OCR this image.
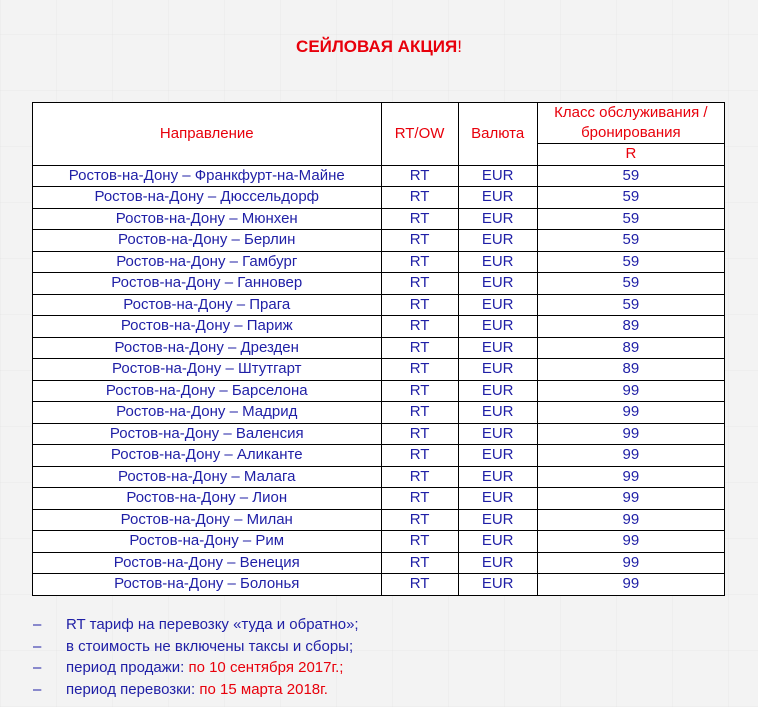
СЕЙЛОВАЯ АКЦИЯ!
Направление	RT/OW	Валюта	Класс обслуживания / бронирования
			R
Ростов-на-Дону – Франкфурт-на-Майне	RT	EUR	59
Ростов-на-Дону – Дюссельдорф	RT	EUR	59
Ростов-на-Дону – Мюнхен	RT	EUR	59
Ростов-на-Дону – Берлин	RT	EUR	59
Ростов-на-Дону – Гамбург	RT	EUR	59
Ростов-на-Дону – Ганновер	RT	EUR	59
Ростов-на-Дону – Прага	RT	EUR	59
Ростов-на-Дону – Париж	RT	EUR	89
Ростов-на-Дону – Дрезден	RT	EUR	89
Ростов-на-Дону – Штутгарт	RT	EUR	89
Ростов-на-Дону – Барселона	RT	EUR	99
Ростов-на-Дону – Мадрид	RT	EUR	99
Ростов-на-Дону – Валенсия	RT	EUR	99
Ростов-на-Дону – Аликанте	RT	EUR	99
Ростов-на-Дону – Малага	RT	EUR	99
Ростов-на-Дону – Лион	RT	EUR	99
Ростов-на-Дону – Милан	RT	EUR	99
Ростов-на-Дону – Рим	RT	EUR	99
Ростов-на-Дону – Венеция	RT	EUR	99
Ростов-на-Дону – Болонья	RT	EUR	99
– RT тариф на перевозку «туда и обратно»;
– в стоимость не включены таксы и сборы;
– период продажи: по 10 сентября 2017г.;
– период перевозки: по 15 марта 2018г.
